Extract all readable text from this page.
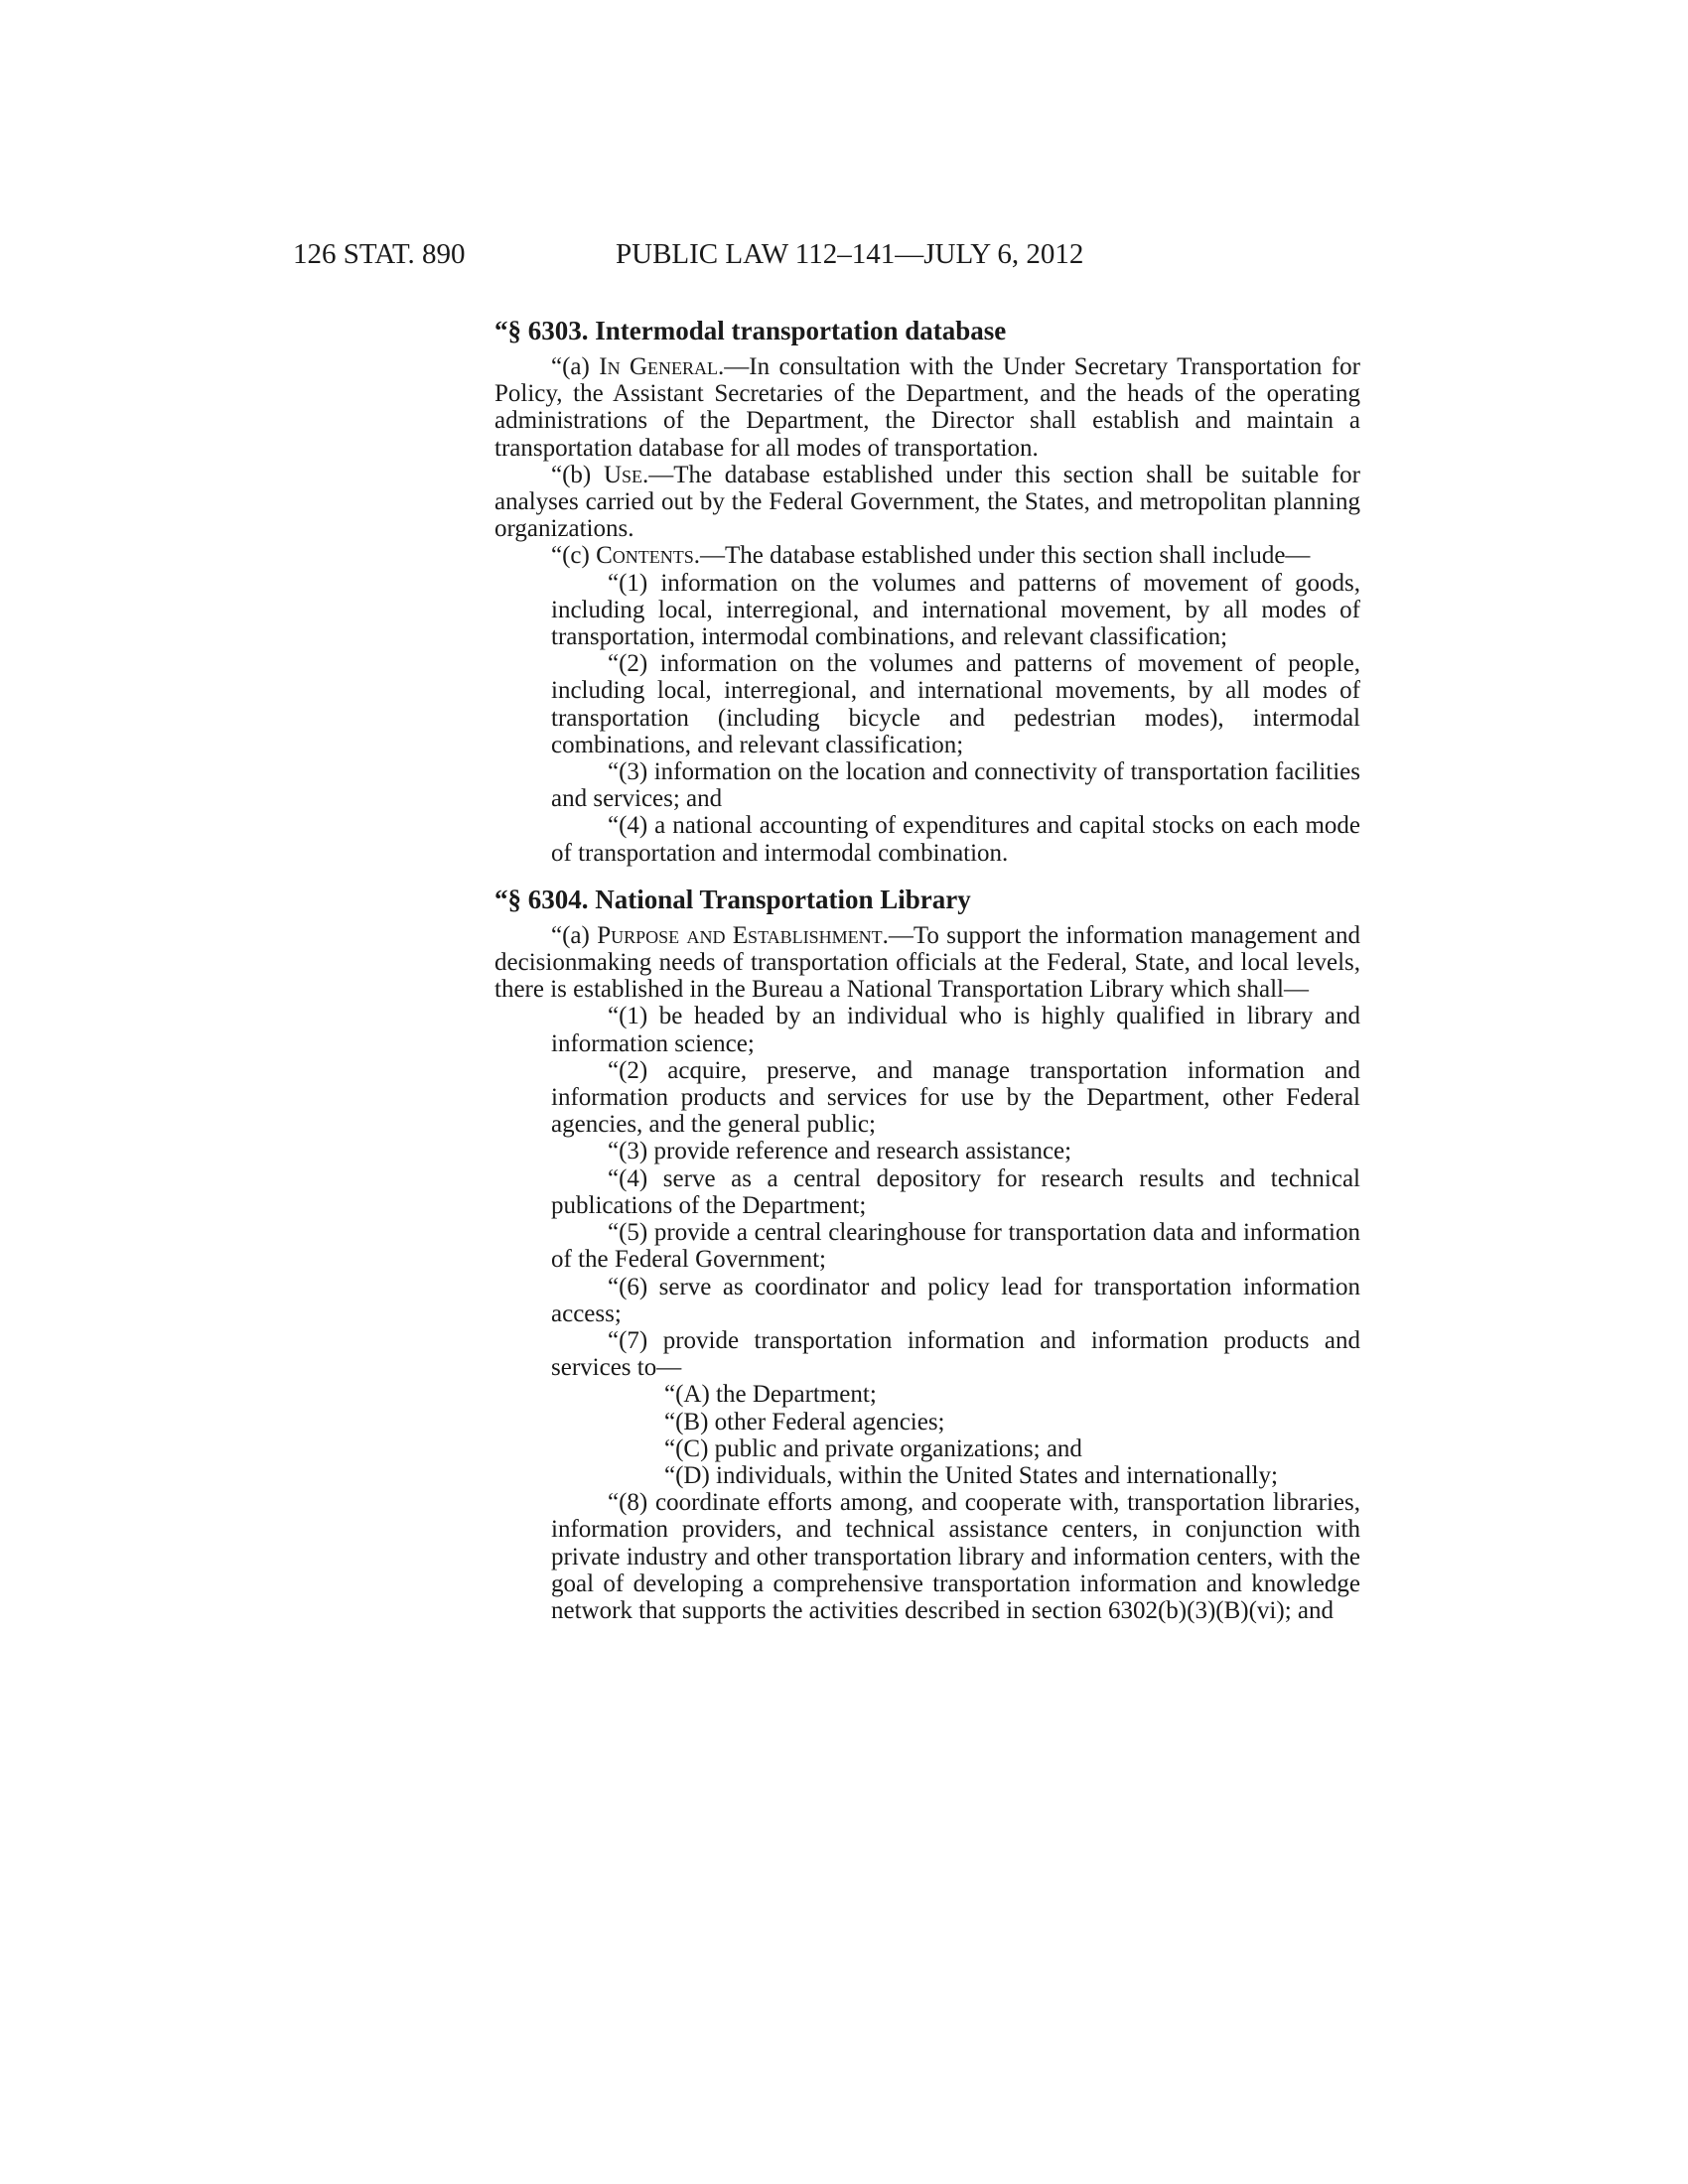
126 STAT. 890	PUBLIC LAW 112–141—JULY 6, 2012
“§ 6303. Intermodal transportation database

“(a) In General.—In consultation with the Under Secretary Transportation for Policy, the Assistant Secretaries of the Department, and the heads of the operating administrations of the Department, the Director shall establish and maintain a transportation database for all modes of transportation.

“(b) Use.—The database established under this section shall be suitable for analyses carried out by the Federal Government, the States, and metropolitan planning organizations.

“(c) Contents.—The database established under this section shall include—

“(1) information on the volumes and patterns of movement of goods, including local, interregional, and international movement, by all modes of transportation, intermodal combinations, and relevant classification;

“(2) information on the volumes and patterns of movement of people, including local, interregional, and international movements, by all modes of transportation (including bicycle and pedestrian modes), intermodal combinations, and relevant classification;

“(3) information on the location and connectivity of transportation facilities and services; and

“(4) a national accounting of expenditures and capital stocks on each mode of transportation and intermodal combination.

“§ 6304. National Transportation Library

“(a) Purpose and Establishment.—To support the information management and decisionmaking needs of transportation officials at the Federal, State, and local levels, there is established in the Bureau a National Transportation Library which shall—

“(1) be headed by an individual who is highly qualified in library and information science;

“(2) acquire, preserve, and manage transportation information and information products and services for use by the Department, other Federal agencies, and the general public;

“(3) provide reference and research assistance;

“(4) serve as a central depository for research results and technical publications of the Department;

“(5) provide a central clearinghouse for transportation data and information of the Federal Government;

“(6) serve as coordinator and policy lead for transportation information access;

“(7) provide transportation information and information products and services to—

“(A) the Department;

“(B) other Federal agencies;

“(C) public and private organizations; and

“(D) individuals, within the United States and internationally;

“(8) coordinate efforts among, and cooperate with, transportation libraries, information providers, and technical assistance centers, in conjunction with private industry and other transportation library and information centers, with the goal of developing a comprehensive transportation information and knowledge network that supports the activities described in section 6302(b)(3)(B)(vi); and
